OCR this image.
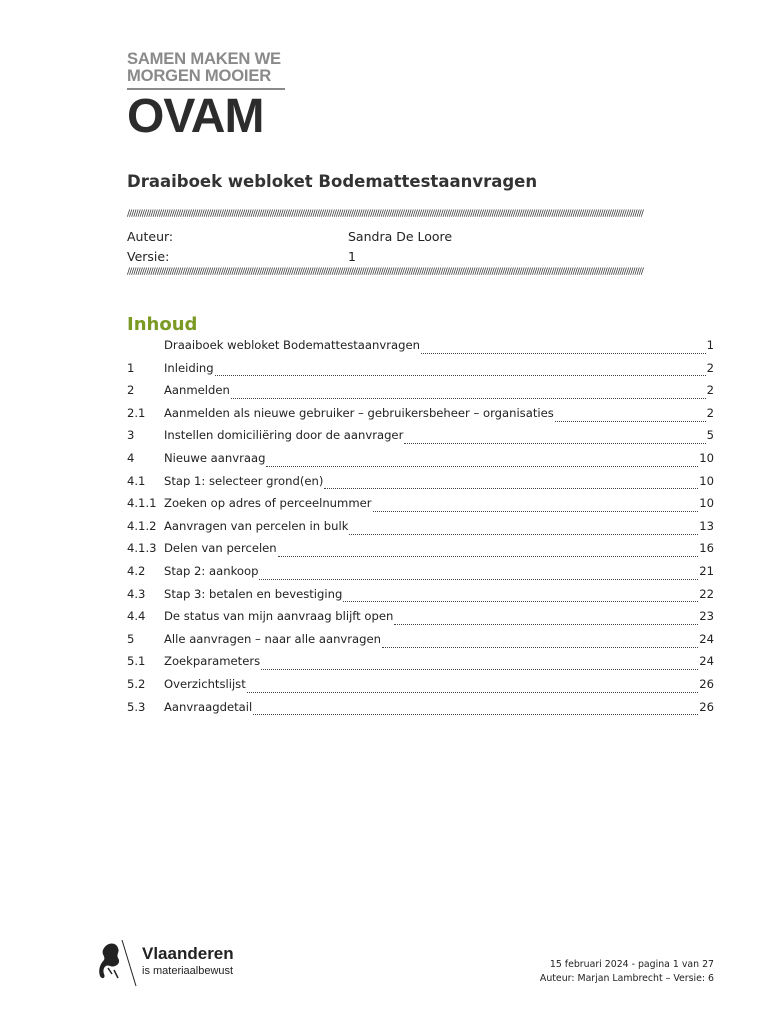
SAMEN MAKEN WE
MORGEN MOOIER
OVAM
Draaiboek webloket Bodemattestaanvragen
//////////////////////////////////////////////////////////////////////////////////////////////////////////////////////////////////////////////////////////////////////////////////////////////////////////////////////////////////////////////////
Auteur:	Sandra De Loore
Versie:	1
//////////////////////////////////////////////////////////////////////////////////////////////////////////////////////////////////////////////////////////////////////////////////////////////////////////////////////////////////////////////////
Inhoud
Draaiboek webloket Bodemattestaanvragen	1
1	Inleiding	2
2	Aanmelden	2
2.1	Aanmelden als nieuwe gebruiker – gebruikersbeheer – organisaties	2
3	Instellen domiciliëring door de aanvrager	5
4	Nieuwe aanvraag	10
4.1	Stap 1: selecteer grond(en)	10
4.1.1 Zoeken op adres of perceelnummer	10
4.1.2 Aanvragen van percelen in bulk	13
4.1.3 Delen van percelen	16
4.2	Stap 2: aankoop	21
4.3	Stap 3: betalen en bevestiging	22
4.4	De status van mijn aanvraag blijft open	23
5	Alle aanvragen – naar alle aanvragen	24
5.1	Zoekparameters	24
5.2	Overzichtslijst	26
5.3	Aanvraagdetail	26
Vlaanderen
is materiaalbewust
15 februari 2024 - pagina 1 van 27
Auteur: Marjan Lambrecht – Versie: 6
